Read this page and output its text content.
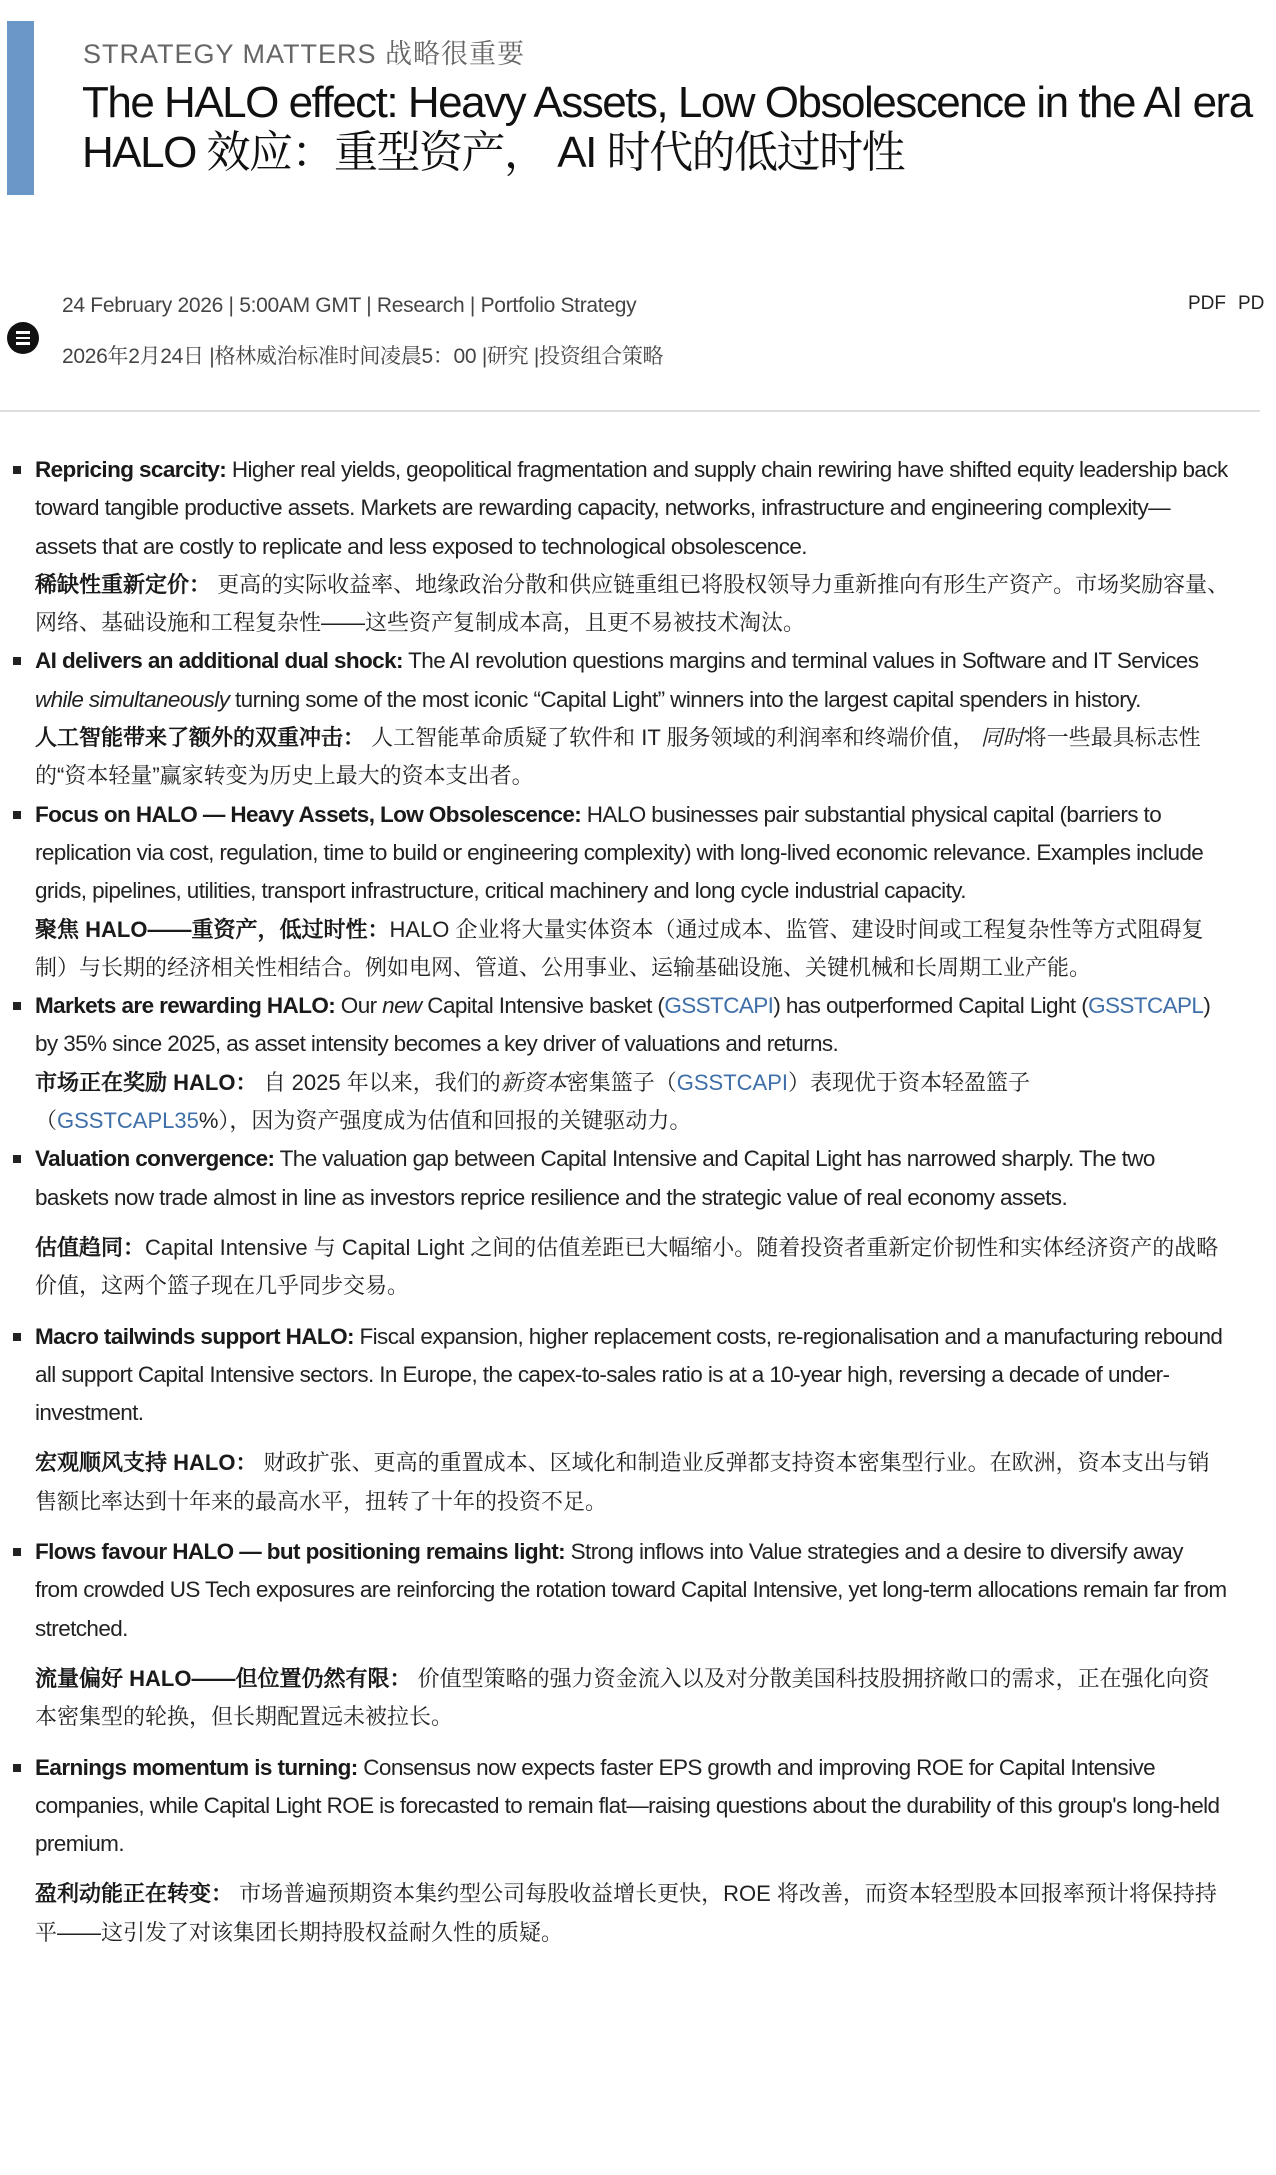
STRATEGY MATTERS 战略很重要
The HALO effect: Heavy Assets, Low Obsolescence in the AI era
HALO 效应：重型资产， AI 时代的低过时性
24 February 2026 | 5:00AM GMT | Research | Portfolio Strategy
2026年2月24日 |格林威治标准时间凌晨5：00 |研究 |投资组合策略
PDF PD
Repricing scarcity: Higher real yields, geopolitical fragmentation and supply chain rewiring have shifted equity leadership back toward tangible productive assets. Markets are rewarding capacity, networks, infrastructure and engineering complexity—assets that are costly to replicate and less exposed to technological obsolescence.
稀缺性重新定价： 更高的实际收益率、地缘政治分散和供应链重组已将股权领导力重新推向有形生产资产。市场奖励容量、网络、基础设施和工程复杂性——这些资产复制成本高，且更不易被技术淘汰。
AI delivers an additional dual shock: The AI revolution questions margins and terminal values in Software and IT Services while simultaneously turning some of the most iconic “Capital Light” winners into the largest capital spenders in history.
人工智能带来了额外的双重冲击： 人工智能革命质疑了软件和 IT 服务领域的利润率和终端价值， 同时将一些最具标志性的“资本轻量”赢家转变为历史上最大的资本支出者。
Focus on HALO — Heavy Assets, Low Obsolescence: HALO businesses pair substantial physical capital (barriers to replication via cost, regulation, time to build or engineering complexity) with long-lived economic relevance. Examples include grids, pipelines, utilities, transport infrastructure, critical machinery and long cycle industrial capacity.
聚焦 HALO——重资产，低过时性：HALO 企业将大量实体资本（通过成本、监管、建设时间或工程复杂性等方式阻碍复制）与长期的经济相关性相结合。例如电网、管道、公用事业、运输基础设施、关键机械和长周期工业产能。
Markets are rewarding HALO: Our new Capital Intensive basket (GSSTCAPI) has outperformed Capital Light (GSSTCAPL) by 35% since 2025, as asset intensity becomes a key driver of valuations and returns.
市场正在奖励 HALO： 自 2025 年以来，我们的新资本密集篮子（GSSTCAPI）表现优于资本轻盈篮子（GSSTCAPL35%），因为资产强度成为估值和回报的关键驱动力。
Valuation convergence: The valuation gap between Capital Intensive and Capital Light has narrowed sharply. The two baskets now trade almost in line as investors reprice resilience and the strategic value of real economy assets.
估值趋同：Capital Intensive 与 Capital Light 之间的估值差距已大幅缩小。随着投资者重新定价韧性和实体经济资产的战略价值，这两个篮子现在几乎同步交易。
Macro tailwinds support HALO: Fiscal expansion, higher replacement costs, re-regionalisation and a manufacturing rebound all support Capital Intensive sectors. In Europe, the capex-to-sales ratio is at a 10-year high, reversing a decade of under-investment.
宏观顺风支持 HALO： 财政扩张、更高的重置成本、区域化和制造业反弹都支持资本密集型行业。在欧洲，资本支出与销售额比率达到十年来的最高水平，扭转了十年的投资不足。
Flows favour HALO — but positioning remains light: Strong inflows into Value strategies and a desire to diversify away from crowded US Tech exposures are reinforcing the rotation toward Capital Intensive, yet long-term allocations remain far from stretched.
流量偏好 HALO——但位置仍然有限： 价值型策略的强力资金流入以及对分散美国科技股拥挤敞口的需求，正在强化向资本密集型的轮换，但长期配置远未被拉长。
Earnings momentum is turning: Consensus now expects faster EPS growth and improving ROE for Capital Intensive companies, while Capital Light ROE is forecasted to remain flat—raising questions about the durability of this group's long-held premium.
盈利动能正在转变： 市场普遍预期资本集约型公司每股收益增长更快，ROE 将改善，而资本轻型股本回报率预计将保持持平——这引发了对该集团长期持股权益耐久性的质疑。
